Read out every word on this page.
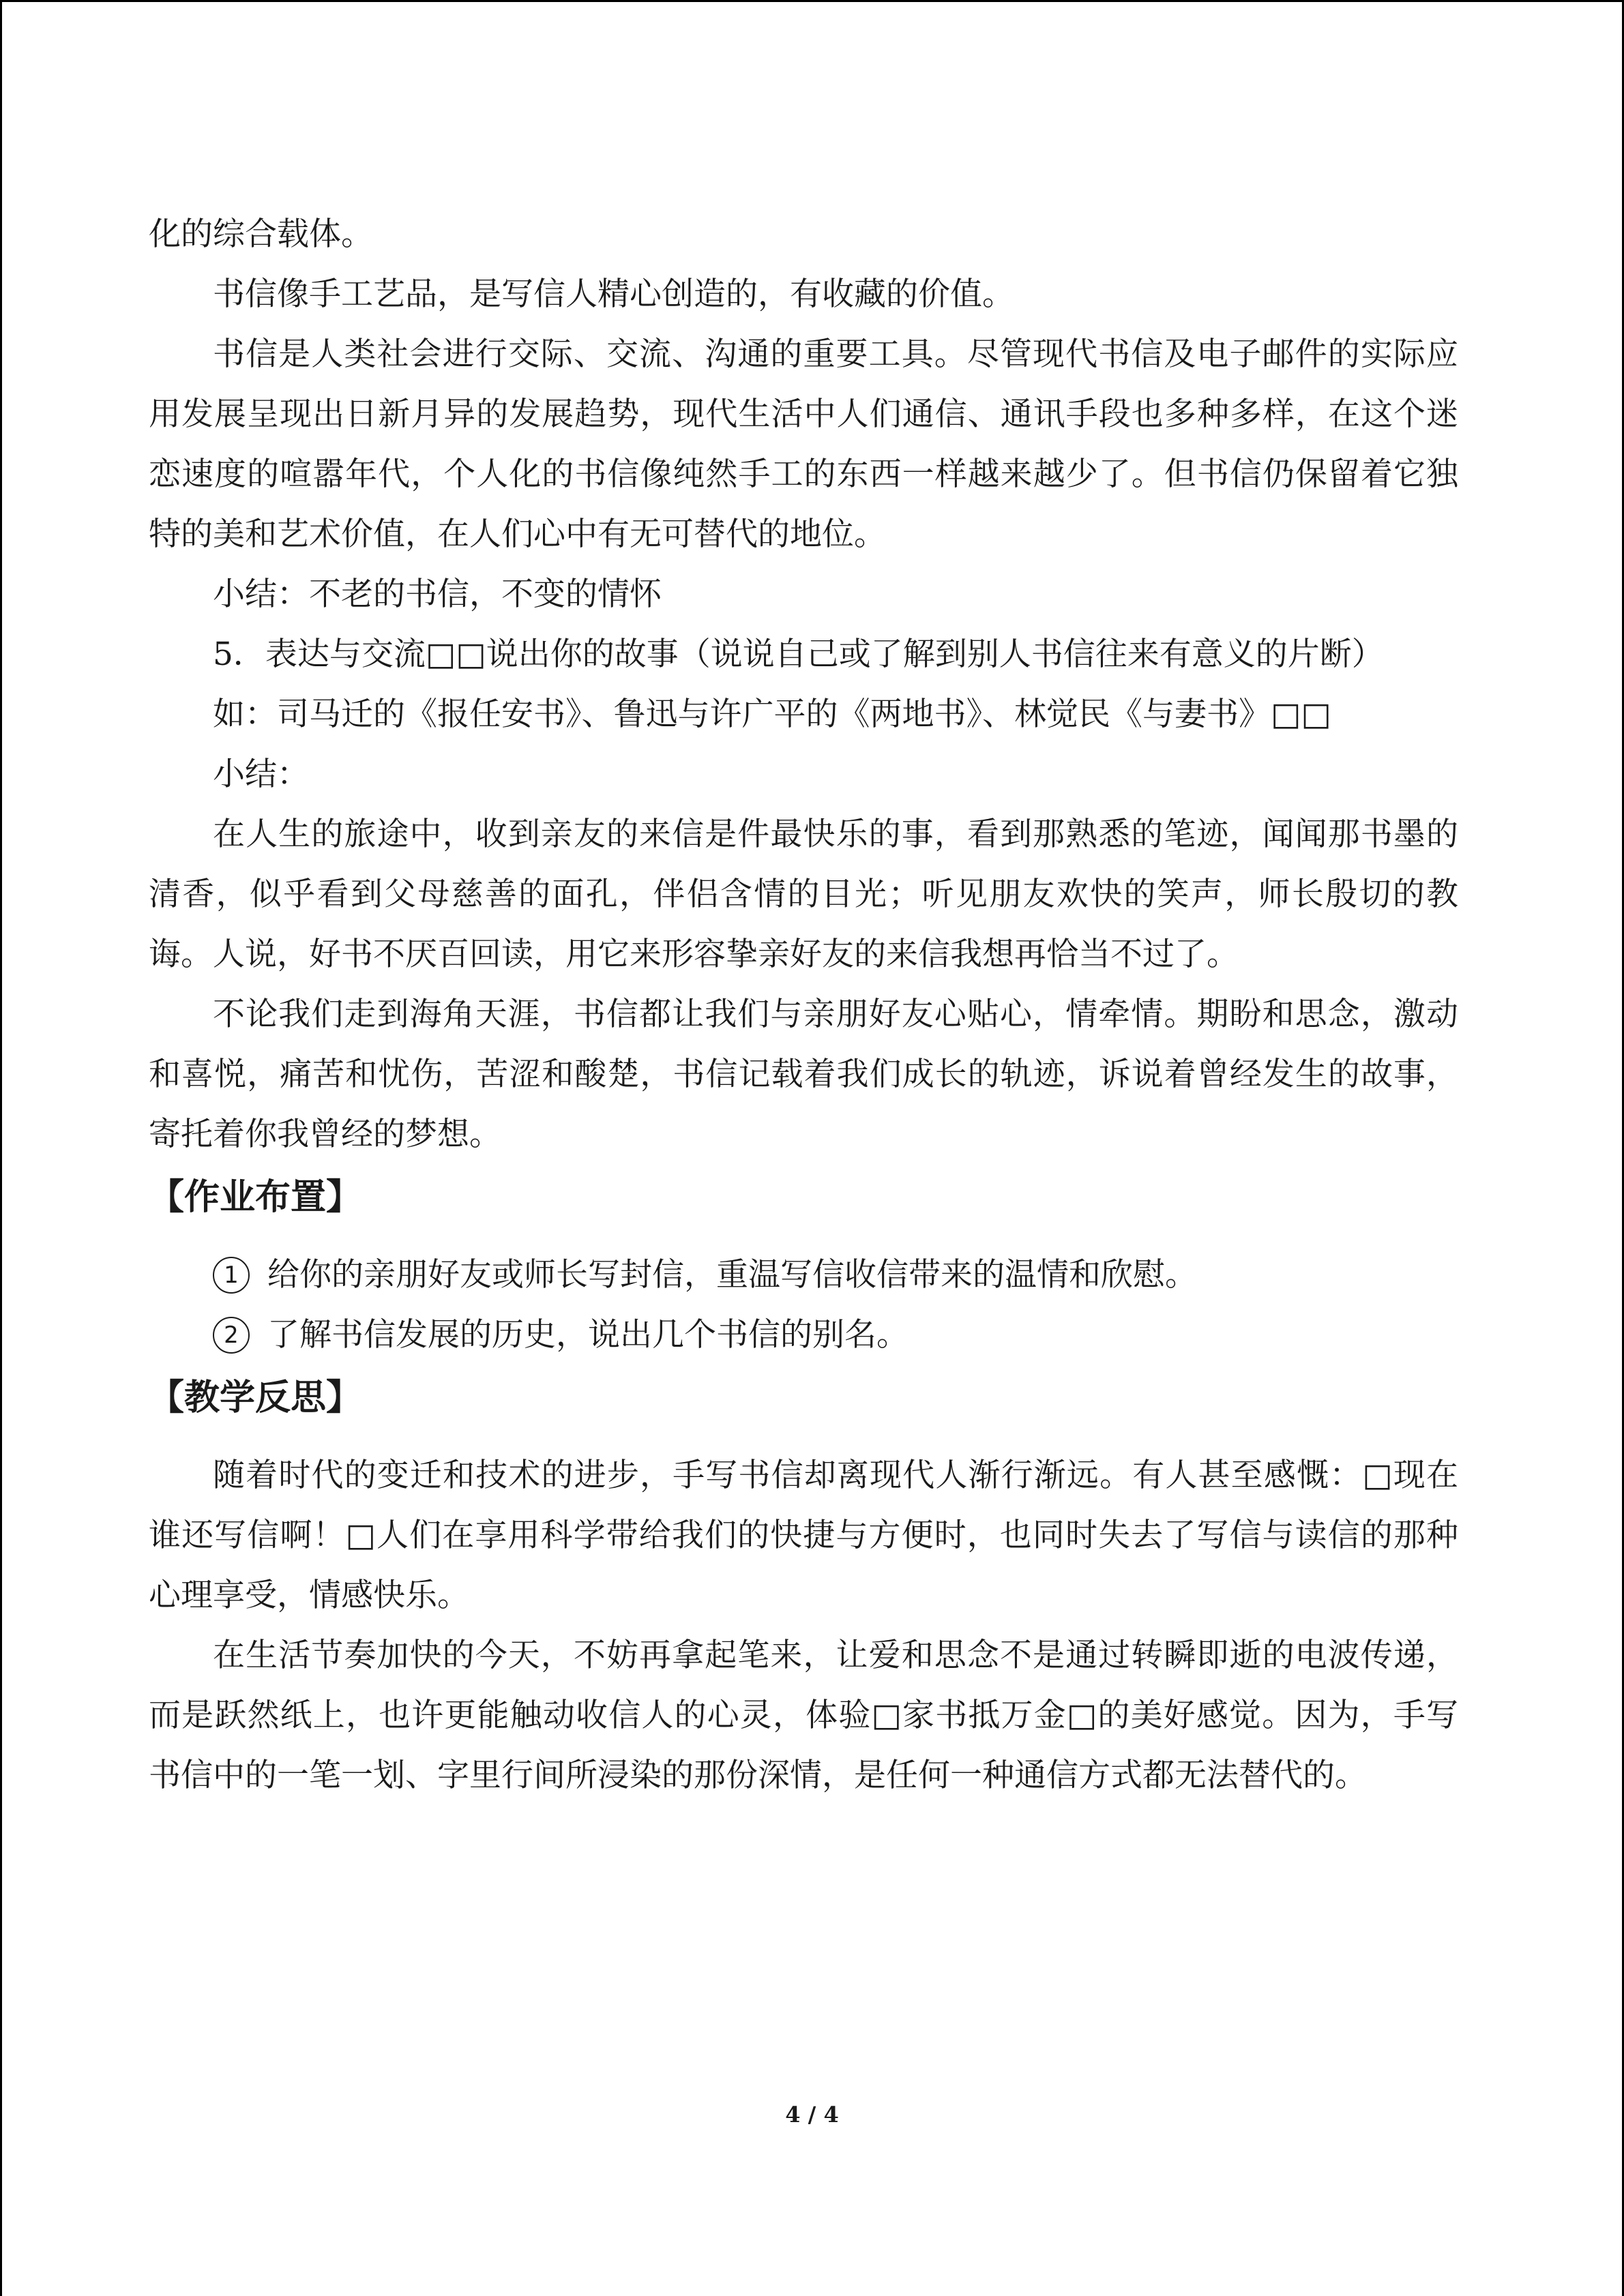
化的综合载体。

书信像手工艺品，是写信人精心创造的，有收藏的价值。

书信是人类社会进行交际、交流、沟通的重要工具。尽管现代书信及电子邮件的实际应用发展呈现出日新月异的发展趋势，现代生活中人们通信、通讯手段也多种多样，在这个迷恋速度的喧嚣年代，个人化的书信像纯然手工的东西一样越来越少了。但书信仍保留着它独特的美和艺术价值，在人们心中有无可替代的地位。

小结：不老的书信，不变的情怀

5．表达与交流□□说出你的故事（说说自己或了解到别人书信往来有意义的片断）

如：司马迁的《报任安书》、鲁迅与许广平的《两地书》、林觉民《与妻书》□□

小结：

在人生的旅途中，收到亲友的来信是件最快乐的事，看到那熟悉的笔迹，闻闻那书墨的清香，似乎看到父母慈善的面孔，伴侣含情的目光；听见朋友欢快的笑声，师长殷切的教诲。人说，好书不厌百回读，用它来形容挚亲好友的来信我想再恰当不过了。

不论我们走到海角天涯，书信都让我们与亲朋好友心贴心，情牵情。期盼和思念，激动和喜悦，痛苦和忧伤，苦涩和酸楚，书信记载着我们成长的轨迹，诉说着曾经发生的故事，寄托着你我曾经的梦想。

【作业布置】

1 给你的亲朋好友或师长写封信，重温写信收信带来的温情和欣慰。

2 了解书信发展的历史，说出几个书信的别名。

【教学反思】

随着时代的变迁和技术的进步，手写书信却离现代人渐行渐远。有人甚至感慨：□现在谁还写信啊！□人们在享用科学带给我们的快捷与方便时，也同时失去了写信与读信的那种心理享受，情感快乐。

在生活节奏加快的今天，不妨再拿起笔来，让爱和思念不是通过转瞬即逝的电波传递，而是跃然纸上，也许更能触动收信人的心灵，体验□家书抵万金□的美好感觉。因为，手写书信中的一笔一划、字里行间所浸染的那份深情，是任何一种通信方式都无法替代的。

4 / 4
